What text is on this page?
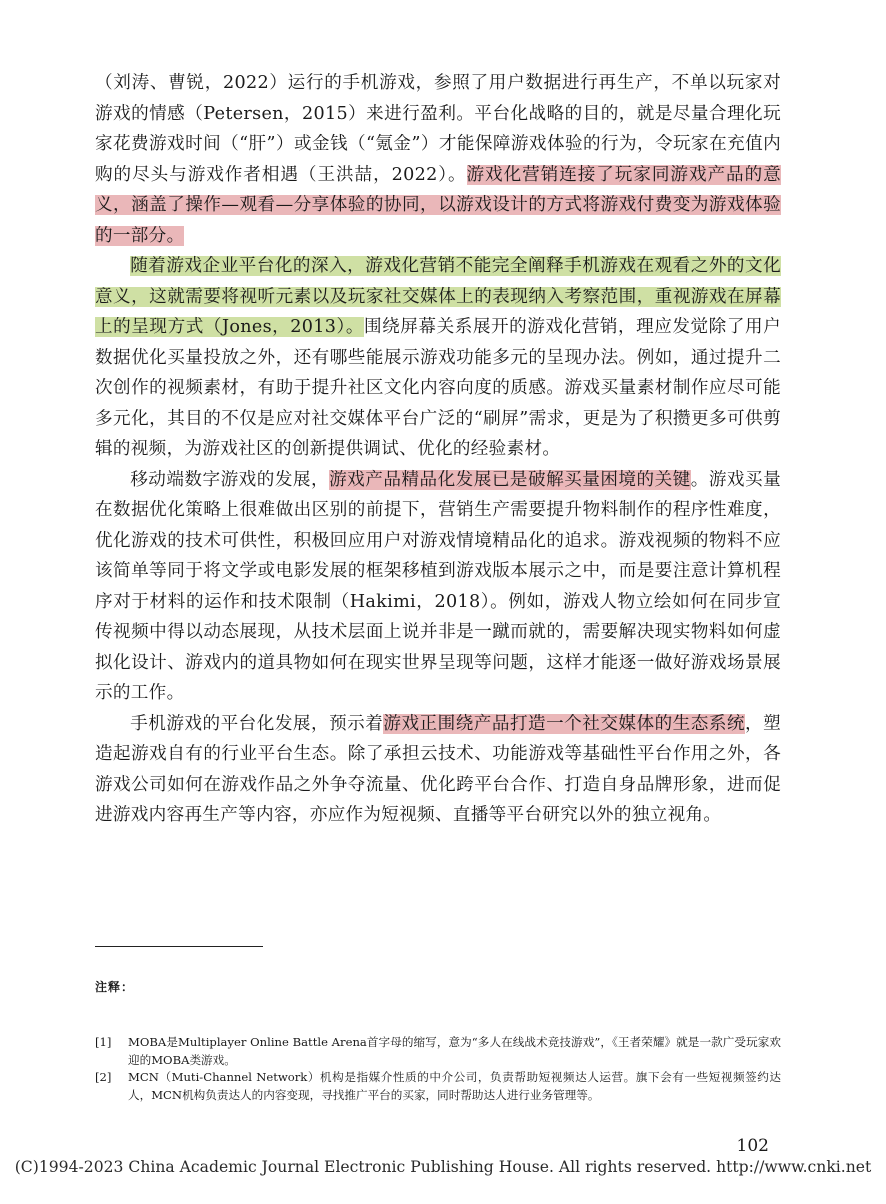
（刘涛、曹锐，2022）运行的手机游戏，参照了用户数据进行再生产，不单以玩家对游戏的情感（Petersen，2015）来进行盈利。平台化战略的目的，就是尽量合理化玩家花费游戏时间（“肝”）或金钱（“氪金”）才能保障游戏体验的行为，令玩家在充值内购的尽头与游戏作者相遇（王洪喆，2022）。游戏化营销连接了玩家同游戏产品的意义，涵盖了操作—观看—分享体验的协同，以游戏设计的方式将游戏付费变为游戏体验的一部分。

随着游戏企业平台化的深入，游戏化营销不能完全阐释手机游戏在观看之外的文化意义，这就需要将视听元素以及玩家社交媒体上的表现纳入考察范围，重视游戏在屏幕上的呈现方式（Jones，2013）。围绕屏幕关系展开的游戏化营销，理应发觉除了用户数据优化买量投放之外，还有哪些能展示游戏功能多元的呈现办法。例如，通过提升二次创作的视频素材，有助于提升社区文化内容向度的质感。游戏买量素材制作应尽可能多元化，其目的不仅是应对社交媒体平台广泛的“刷屏”需求，更是为了积攒更多可供剪辑的视频，为游戏社区的创新提供调试、优化的经验素材。

移动端数字游戏的发展，游戏产品精品化发展已是破解买量困境的关键。游戏买量在数据优化策略上很难做出区别的前提下，营销生产需要提升物料制作的程序性难度，优化游戏的技术可供性，积极回应用户对游戏情境精品化的追求。游戏视频的物料不应该简单等同于将文学或电影发展的框架移植到游戏版本展示之中，而是要注意计算机程序对于材料的运作和技术限制（Hakimi，2018）。例如，游戏人物立绘如何在同步宣传视频中得以动态展现，从技术层面上说并非是一蹴而就的，需要解决现实物料如何虚拟化设计、游戏内的道具物如何在现实世界呈现等问题，这样才能逐一做好游戏场景展示的工作。

手机游戏的平台化发展，预示着游戏正围绕产品打造一个社交媒体的生态系统，塑造起游戏自有的行业平台生态。除了承担云技术、功能游戏等基础性平台作用之外，各游戏公司如何在游戏作品之外争夺流量、优化跨平台合作、打造自身品牌形象，进而促进游戏内容再生产等内容，亦应作为短视频、直播等平台研究以外的独立视角。

注释：
[1]	MOBA是Multiplayer Online Battle Arena首字母的缩写，意为“多人在线战术竞技游戏”，《王者荣耀》就是一款广受玩家欢迎的MOBA类游戏。
[2]	MCN（Muti-Channel Network）机构是指媒介性质的中介公司，负责帮助短视频达人运营。旗下会有一些短视频签约达人，MCN机构负责达人的内容变现，寻找推广平台的买家，同时帮助达人进行业务管理等。
102
(C)1994-2023 China Academic Journal Electronic Publishing House. All rights reserved. http://www.cnki.net
